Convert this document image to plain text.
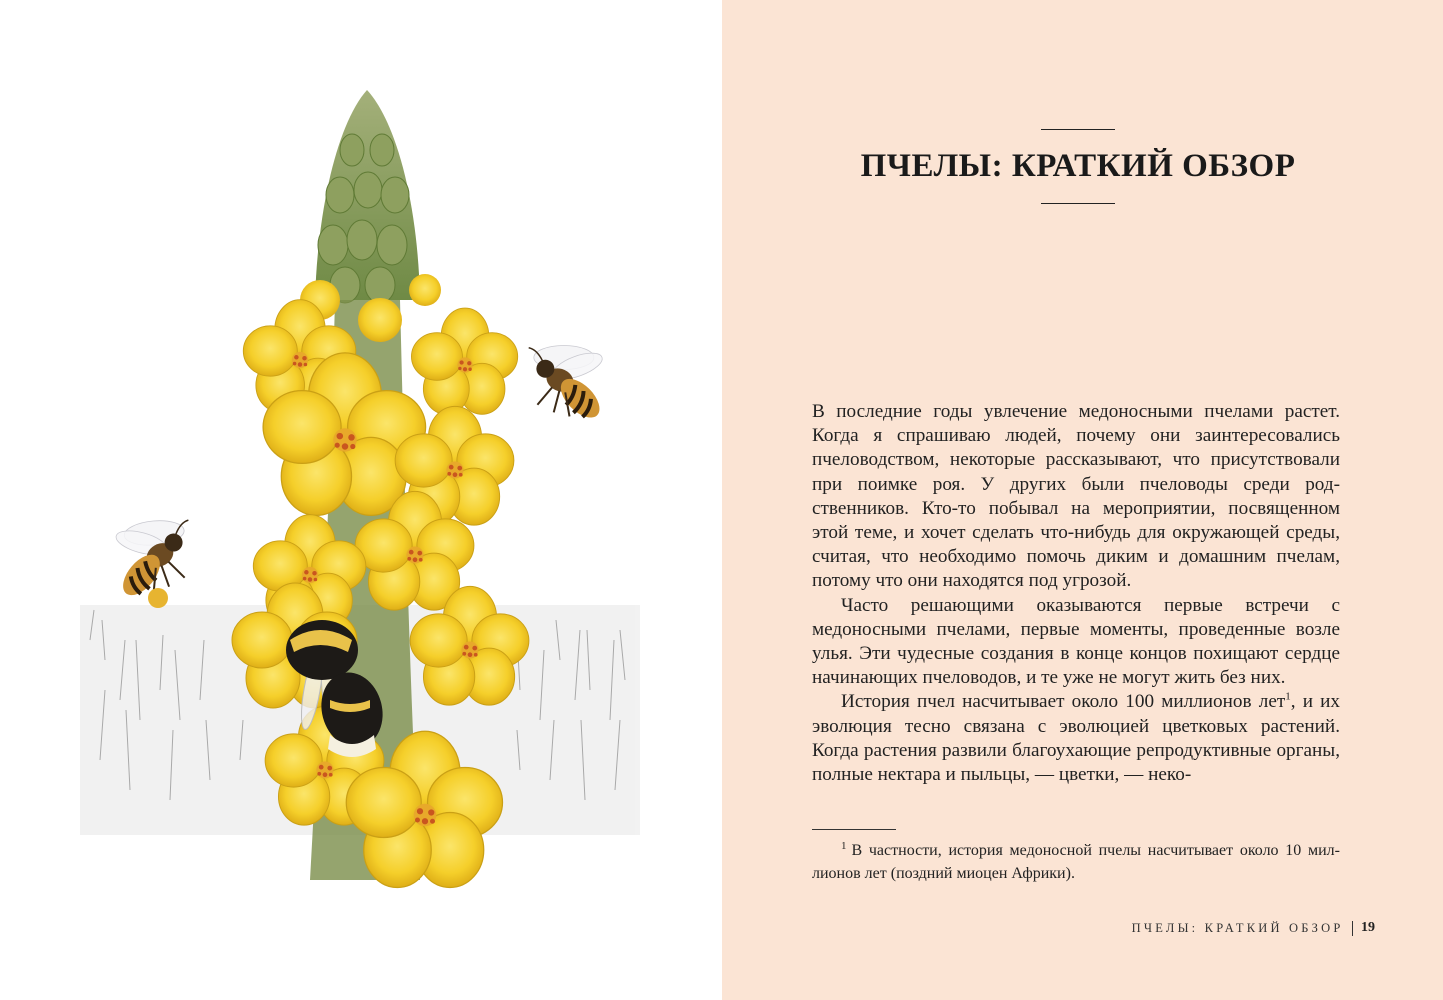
ПЧЕЛЫ: КРАТКИЙ ОБЗОР

В последние годы увлечение медоносными пчелами растет. Когда я спрашиваю людей, почему они заинтересовались пчеловодством, некоторые рассказывают, что присутствовали при поимке роя. У других были пчеловоды среди родственников. Кто-то побывал на мероприятии, посвященном этой теме, и хочет сделать что-нибудь для окружающей среды, считая, что необходимо помочь диким и домашним пчелам, потому что они находятся под угрозой.

Часто решающими оказываются первые встречи с медоносными пчелами, первые моменты, проведенные возле улья. Эти чудесные создания в конце концов похищают сердце начинающих пчеловодов, и те уже не могут жить без них.

История пчел насчитывает около 100 миллионов лет$^1$, и их эволюция тесно связана с эволюцией цветковых растений. Когда растения развили благоухающие репродуктивные органы, полные нектара и пыльцы, — цветки, — неко-

1 В частности, история медоносной пчелы насчитывает около 10 миллионов лет (поздний миоцен Африки).
ПЧЕЛЫ: КРАТКИЙ ОБЗОР 19
